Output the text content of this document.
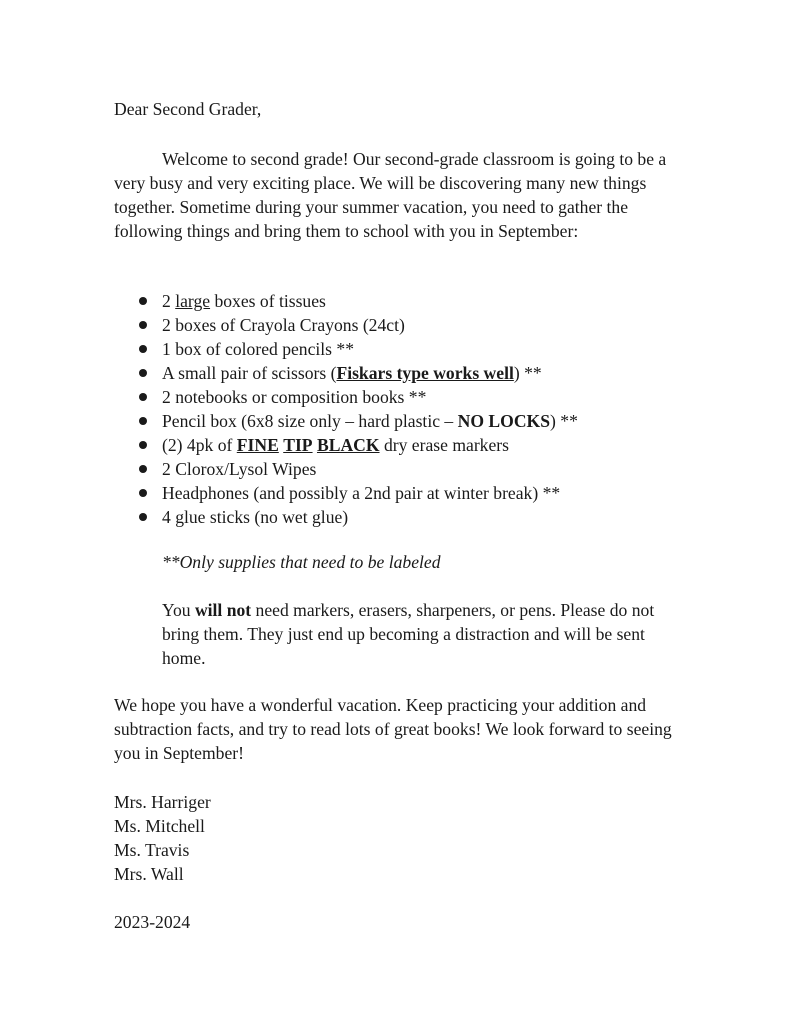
Dear Second Grader,

Welcome to second grade! Our second-grade classroom is going to be a very busy and very exciting place. We will be discovering many new things together. Sometime during your summer vacation, you need to gather the following things and bring them to school with you in September:

2 large boxes of tissues
2 boxes of Crayola Crayons (24ct)
1 box of colored pencils **
A small pair of scissors (Fiskars type works well) **
2 notebooks or composition books **
Pencil box (6x8 size only – hard plastic – NO LOCKS) **
(2) 4pk of FINE TIP BLACK dry erase markers
2 Clorox/Lysol Wipes
Headphones (and possibly a 2nd pair at winter break) **
4 glue sticks (no wet glue)

**Only supplies that need to be labeled

You will not need markers, erasers, sharpeners, or pens. Please do not bring them. They just end up becoming a distraction and will be sent home.

We hope you have a wonderful vacation. Keep practicing your addition and subtraction facts, and try to read lots of great books! We look forward to seeing you in September!

Mrs. Harriger
Ms. Mitchell
Ms. Travis
Mrs. Wall

2023-2024
